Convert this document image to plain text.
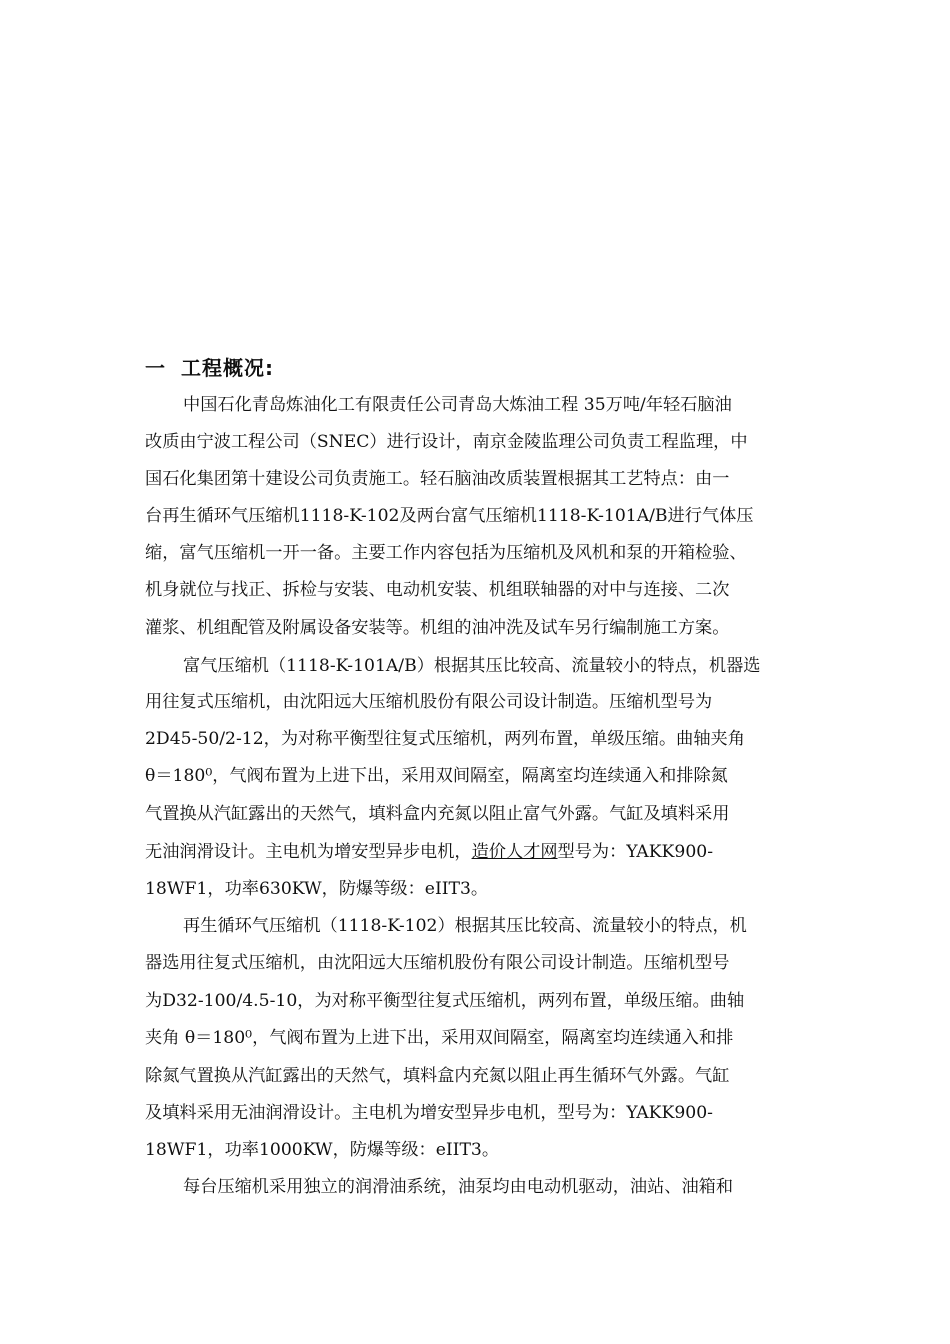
一 工程概况:
中国石化青岛炼油化工有限责任公司青岛大炼油工程 35万吨/年轻石脑油
改质由宁波工程公司（SNEC）进行设计，南京金陵监理公司负责工程监理，中
国石化集团第十建设公司负责施工。轻石脑油改质装置根据其工艺特点：由一
台再生循环气压缩机1118-K-102及两台富气压缩机1118-K-101A/B进行气体压
缩，富气压缩机一开一备。主要工作内容包括为压缩机及风机和泵的开箱检验、
机身就位与找正、拆检与安装、电动机安装、机组联轴器的对中与连接、二次
灌浆、机组配管及附属设备安装等。机组的油冲洗及试车另行编制施工方案。
富气压缩机（1118-K-101A/B）根据其压比较高、流量较小的特点，机器选
用往复式压缩机，由沈阳远大压缩机股份有限公司设计制造。压缩机型号为
2D45-50/2-12，为对称平衡型往复式压缩机，两列布置，单级压缩。曲轴夹角
θ＝180⁰，气阀布置为上进下出，采用双间隔室，隔离室均连续通入和排除氮
气置换从汽缸露出的天然气，填料盒内充氮以阻止富气外露。气缸及填料采用
无油润滑设计。主电机为增安型异步电机，造价人才网型号为：YAKK900-
18WF1，功率630KW，防爆等级：eIIT3。
再生循环气压缩机（1118-K-102）根据其压比较高、流量较小的特点，机
器选用往复式压缩机，由沈阳远大压缩机股份有限公司设计制造。压缩机型号
为D32-100/4.5-10，为对称平衡型往复式压缩机，两列布置，单级压缩。曲轴
夹角 θ＝180⁰，气阀布置为上进下出，采用双间隔室，隔离室均连续通入和排
除氮气置换从汽缸露出的天然气，填料盒内充氮以阻止再生循环气外露。气缸
及填料采用无油润滑设计。主电机为增安型异步电机，型号为：YAKK900-
18WF1，功率1000KW，防爆等级：eIIT3。
每台压缩机采用独立的润滑油系统，油泵均由电动机驱动，油站、油箱和
